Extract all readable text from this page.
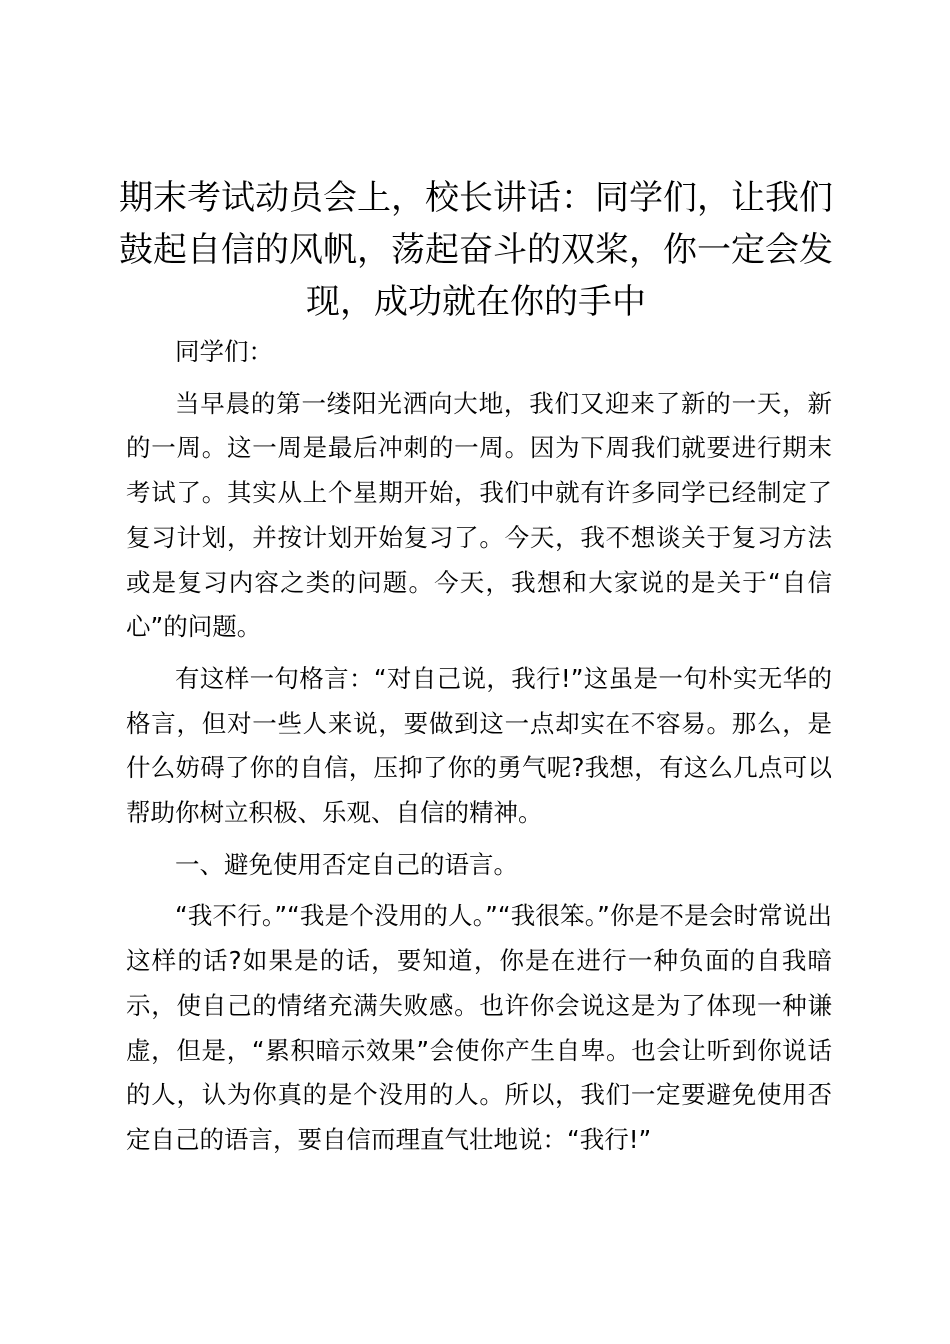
期末考试动员会上，校长讲话：同学们，让我们鼓起自信的风帆，荡起奋斗的双桨，你一定会发现，成功就在你的手中

同学们：

当早晨的第一缕阳光洒向大地，我们又迎来了新的一天，新的一周。这一周是最后冲刺的一周。因为下周我们就要进行期末考试了。其实从上个星期开始，我们中就有许多同学已经制定了复习计划，并按计划开始复习了。今天，我不想谈关于复习方法或是复习内容之类的问题。今天，我想和大家说的是关于“自信心”的问题。

有这样一句格言：“对自己说，我行!”这虽是一句朴实无华的格言，但对一些人来说，要做到这一点却实在不容易。那么，是什么妨碍了你的自信，压抑了你的勇气呢?我想，有这么几点可以帮助你树立积极、乐观、自信的精神。

一、避免使用否定自己的语言。

“我不行。”“我是个没用的人。”“我很笨。”你是不是会时常说出这样的话?如果是的话，要知道，你是在进行一种负面的自我暗示，使自己的情绪充满失败感。也许你会说这是为了体现一种谦虚，但是，“累积暗示效果”会使你产生自卑。也会让听到你说话的人，认为你真的是个没用的人。所以，我们一定要避免使用否定自己的语言，要自信而理直气壮地说：“我行!”
